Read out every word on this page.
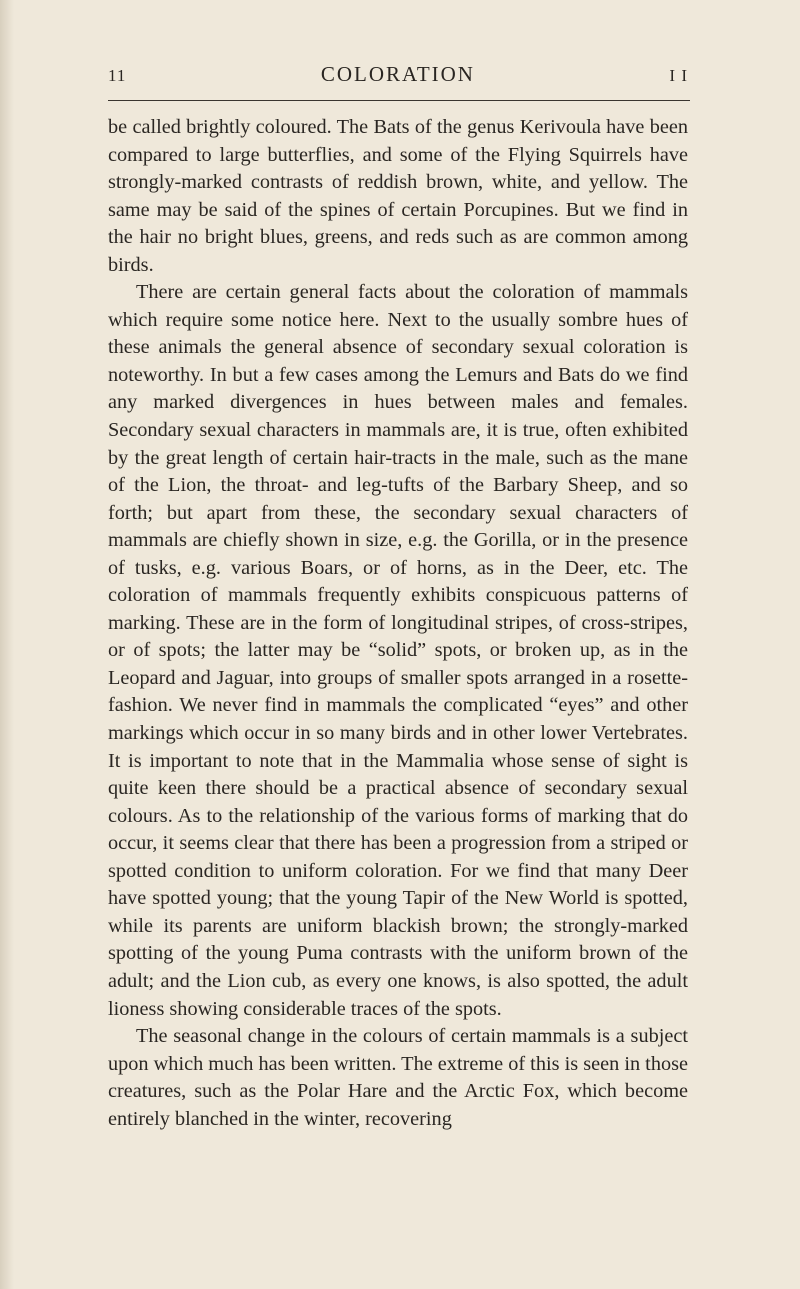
11	COLORATION	I I

be called brightly coloured. The Bats of the genus Kerivoula have been compared to large butterflies, and some of the Flying Squirrels have strongly-marked contrasts of reddish brown, white, and yellow. The same may be said of the spines of certain Porcupines. But we find in the hair no bright blues, greens, and reds such as are common among birds.

There are certain general facts about the coloration of mammals which require some notice here. Next to the usually sombre hues of these animals the general absence of secondary sexual coloration is noteworthy. In but a few cases among the Lemurs and Bats do we find any marked divergences in hues between males and females. Secondary sexual characters in mammals are, it is true, often exhibited by the great length of certain hair-tracts in the male, such as the mane of the Lion, the throat- and leg-tufts of the Barbary Sheep, and so forth; but apart from these, the secondary sexual characters of mammals are chiefly shown in size, e.g. the Gorilla, or in the presence of tusks, e.g. various Boars, or of horns, as in the Deer, etc. The coloration of mammals frequently exhibits conspicuous patterns of marking. These are in the form of longitudinal stripes, of cross-stripes, or of spots; the latter may be “solid” spots, or broken up, as in the Leopard and Jaguar, into groups of smaller spots arranged in a rosette-fashion. We never find in mammals the complicated “eyes” and other markings which occur in so many birds and in other lower Vertebrates. It is important to note that in the Mammalia whose sense of sight is quite keen there should be a practical absence of secondary sexual colours. As to the relationship of the various forms of marking that do occur, it seems clear that there has been a progression from a striped or spotted condition to uniform coloration. For we find that many Deer have spotted young; that the young Tapir of the New World is spotted, while its parents are uniform blackish brown; the strongly-marked spotting of the young Puma contrasts with the uniform brown of the adult; and the Lion cub, as every one knows, is also spotted, the adult lioness showing considerable traces of the spots.

The seasonal change in the colours of certain mammals is a subject upon which much has been written. The extreme of this is seen in those creatures, such as the Polar Hare and the Arctic Fox, which become entirely blanched in the winter, recovering
